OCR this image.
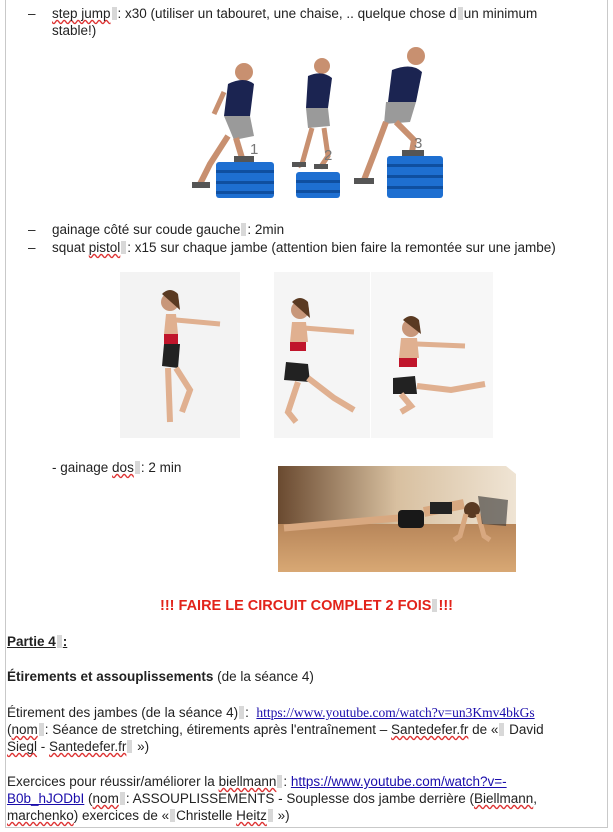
– step jump : x30 (utiliser un tabouret, une chaise, .. quelque chose d un minimum
stable!)
1	2
3
– gainage côté sur coude gauche : 2min
– squat pistol : x15 sur chaque jambe (attention bien faire la remontée sur une jambe)
- gainage dos : 2 min
!!! FAIRE LE CIRCUIT COMPLET 2 FOIS !!!
Partie 4 :
Étirements et assouplissements (de la séance 4)
Étirement des jambes (de la séance 4) : https://www.youtube.com/watch?v=un3Kmv4bkGs
(nom : Séance de stretching, étirements après l'entraînement – Santedefer.fr de « David
Siegl - Santedefer.fr »)
Exercices pour réussir/améliorer la biellmann : https://www.youtube.com/watch?v=-
B0b_hJODbI (nom : ASSOUPLISSEMENTS - Souplesse dos jambe derrière (Biellmann,
marchenko) exercices de « Christelle Heitz »)
